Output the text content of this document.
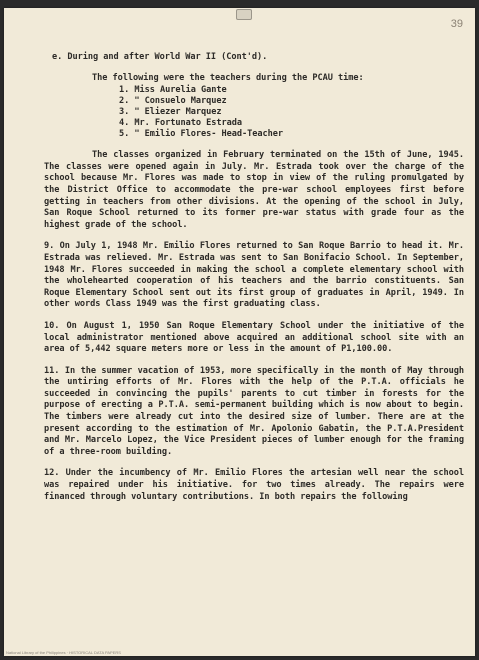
39

e. During and after World War II (Cont'd).

The following were the teachers during the PCAU time:

1. Miss Aurelia Gante
2. " Consuelo Marquez
3. " Eliezer Marquez
4. Mr. Fortunato Estrada
5. " Emilio Flores- Head-Teacher

The classes organized in February terminated on the 15th of June, 1945. The classes were opened again in July. Mr. Estrada took over the charge of the school because Mr. Flores was made to stop in view of the ruling promulgated by the District Office to accommodate the pre-war school employees first before getting in teachers from other divisions. At the opening of the school in July, San Roque School returned to its former pre-war status with grade four as the highest grade of the school.

9. On July 1, 1948 Mr. Emilio Flores returned to San Roque Barrio to head it. Mr. Estrada was relieved. Mr. Estrada was sent to San Bonifacio School. In September, 1948 Mr. Flores succeeded in making the school a complete elementary school with the wholehearted cooperation of his teachers and the barrio constituents. San Roque Elementary School sent out its first group of graduates in April, 1949. In other words Class 1949 was the first graduating class.

10. On August 1, 1950 San Roque Elementary School under the initiative of the local administrator mentioned above acquired an additional school site with an area of 5,442 square meters more or less in the amount of P1,100.00.

11. In the summer vacation of 1953, more specifically in the month of May through the untiring efforts of Mr. Flores with the help of the P.T.A. officials he succeeded in convincing the pupils' parents to cut timber in forests for the purpose of erecting a P.T.A. semi-permanent building which is now about to begin. The timbers were already cut into the desired size of lumber. There are at the present according to the estimation of Mr. Apolonio Gabatin, the P.T.A.President and Mr. Marcelo Lopez, the Vice President pieces of lumber enough for the framing of a three-room building.

12. Under the incumbency of Mr. Emilio Flores the artesian well near the school was repaired under his initiative. for two times already. The repairs were financed through voluntary contributions. In both repairs the following

National Library of the Philippines · HISTORICAL DATA PAPERS
